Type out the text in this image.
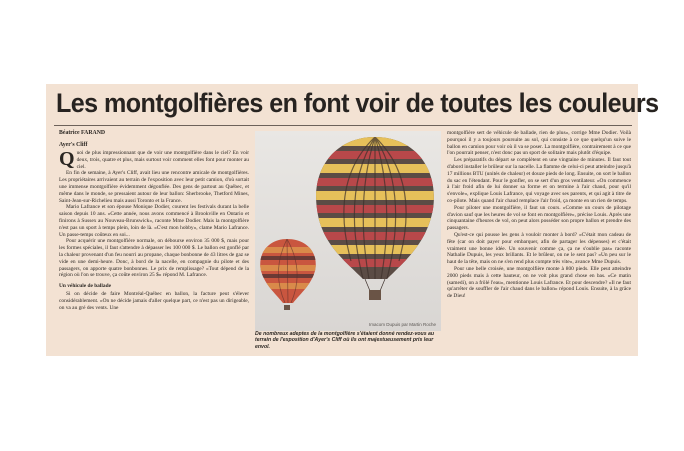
Les montgolfières en font voir de toutes les couleurs
Béatrice FARAND
Ayer's Cliff

Quoi de plus impressionnant que de voir une montgolfière dans le ciel? En voir deux, trois, quatre et plus, mais surtout voir comment elles font pour monter au ciel.

En fin de semaine, à Ayer's Cliff, avait lieu une rencontre amicale de montgolfières. Les propriétaires arrivaient au terrain de l'exposition avec leur petit camion, d'où sortait une immense montgolfière évidemment dégonflée. Des gens de partout au Québec, et même dans le monde, se pressaient autour de leur ballon: Sherbrooke, Thetford Mines, Saint-Jean-sur-Richelieu mais aussi Toronto et la France.

Mario Lafrance et son épouse Monique Dodier, courent les festivals durant la belle saison depuis 10 ans. «Cette année, nous avons commencé à Brookville en Ontario et finirons à Sussex au Nouveau-Brunswick», raconte Mme Dodier. Mais la montgolfière n'est pas un sport à temps plein, loin de là. «C'est mon hobby», clame Mario Lafrance. Un passe-temps coûteux en soi...

Pour acquérir une montgolfière normale, on débourse environ 35 000 $, mais pour les formes spéciales, il faut s'attendre à dépasser les 100 000 $. Le ballon est gonflé par la chaleur provenant d'un feu nourri au propane, chaque bonbonne de 43 litres de gaz se vide en une demi-heure. Donc, à bord de la nacelle, en compagnie du pilote et des passagers, on apporte quatre bonbonnes. Le prix de remplissage? «Tout dépend de la région où l'on se trouve, ça coûte environ 25 $» répond M. Lafrance.

Un véhicule de ballade

Si on décide de faire Montréal-Québec en ballon, la facture peut s'élever considérablement. «On ne décide jamais d'aller quelque part, ce n'est pas un dirigeable, on va au gré des vents. Une

Imacom Dupuis par Martin Roche

De nombreux adeptes de la montgolfière s'étaient donné rendez-vous au terrain de l'exposition d'Ayer's Cliff où ils ont majestueusement pris leur envol.

montgolfière sert de véhicule de ballade, rien de plus», corrige Mme Dodier. Voilà pourquoi il y a toujours poursuite au sol, qui consiste à ce que quelqu'un suive le ballon en camion pour voir où il va se poser. La montgolfière, contrairement à ce que l'on pourrait penser, n'est donc pas un sport de solitaire mais plutôt d'équipe.

Les préparatifs du départ se complètent en une vingtaine de minutes. Il faut tout d'abord installer le brûleur sur la nacelle. La flamme de celui-ci peut atteindre jusqu'à 17 millions BTU (unités de chaleur) et douze pieds de long. Ensuite, on sort le ballon du sac en l'étendant. Pour le gonfler, on se sert d'un gros ventilateur. «On commence à l'air froid afin de lui donner sa forme et on termine à l'air chaud, pour qu'il s'envole», explique Louis Lafrance, qui voyage avec ses parents, et qui agit à titre de co-pilote. Mais quand l'air chaud remplace l'air froid, ça monte en un rien de temps.

Pour piloter une montgolfière, il faut un cours. «Comme un cours de pilotage d'avion sauf que les heures de vol se font en montgolfière», précise Louis. Après une cinquantaine d'heures de vol, on peut alors posséder son propre ballon et prendre des passagers.

Qu'est-ce qui pousse les gens à vouloir monter à bord? «C'était mon cadeau de fête (car on doit payer pour embarquer, afin de partager les dépenses) et c'était vraiment une bonne idée. Un souvenir comme ça, ça ne s'oublie pas» raconte Nathalie Dupuis, les yeux brillants. Et le brûleur, on ne le sent pas? «Un peu sur le haut de la tête, mais on ne s'en rend plus compte très vite», avance Mme Dupuis.

Pour une belle croisée, une montgolfière monte à 800 pieds. Elle peut atteindre 2000 pieds mais à cette hauteur, on ne voit plus grand chose en bas. «Ce matin (samedi), on a frôlé l'eau», mentionne Louis Lafrance. Et pour descendre? «Il ne faut qu'arrêter de souffler de l'air chaud dans le ballon» répond Louis. Ensuite, à la grâce de Dieu!
